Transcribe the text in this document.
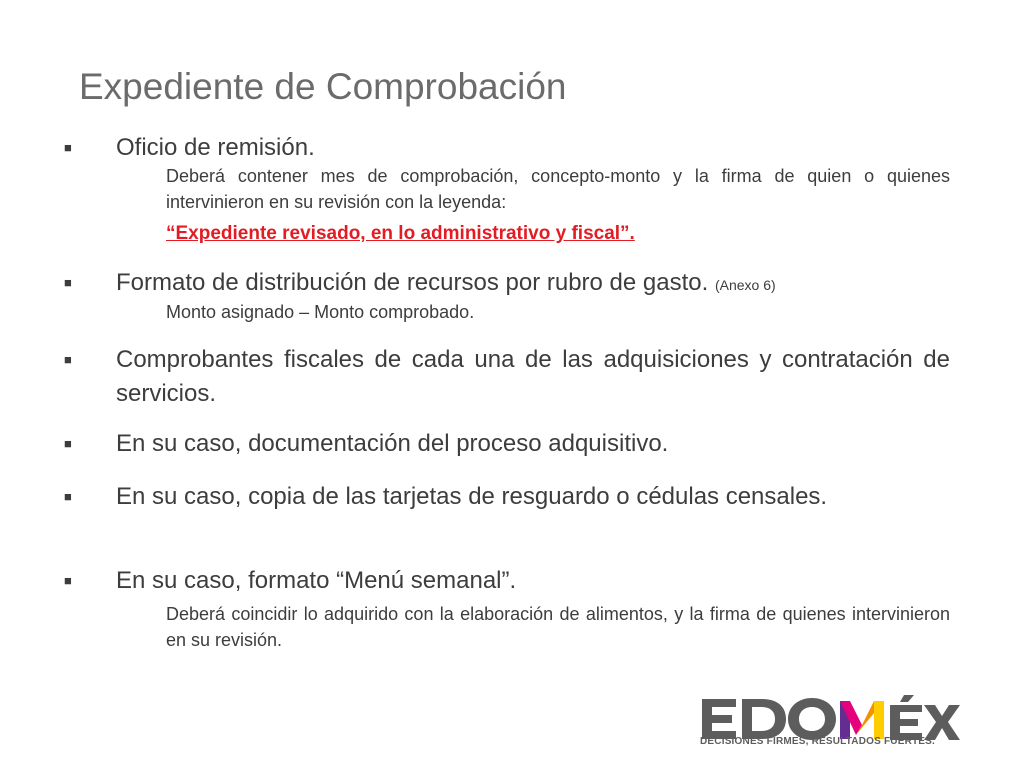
Expediente de Comprobación
■ Oficio de remisión.
Deberá contener mes de comprobación, concepto-monto y la firma de quien o quienes intervinieron en su revisión con la leyenda:
“Expediente revisado, en lo administrativo y fiscal”.
■ Formato de distribución de recursos por rubro de gasto. (Anexo 6)
Monto asignado – Monto comprobado.
■ Comprobantes fiscales de cada una de las adquisiciones y contratación de servicios.
■ En su caso, documentación del proceso adquisitivo.
■ En su caso, copia de las tarjetas de resguardo o cédulas censales.
■ En su caso, formato “Menú semanal”.
Deberá coincidir lo adquirido con la elaboración de alimentos, y la firma de quienes intervinieron en su revisión.
DECISIONES FIRMES, RESULTADOS FUERTES.
